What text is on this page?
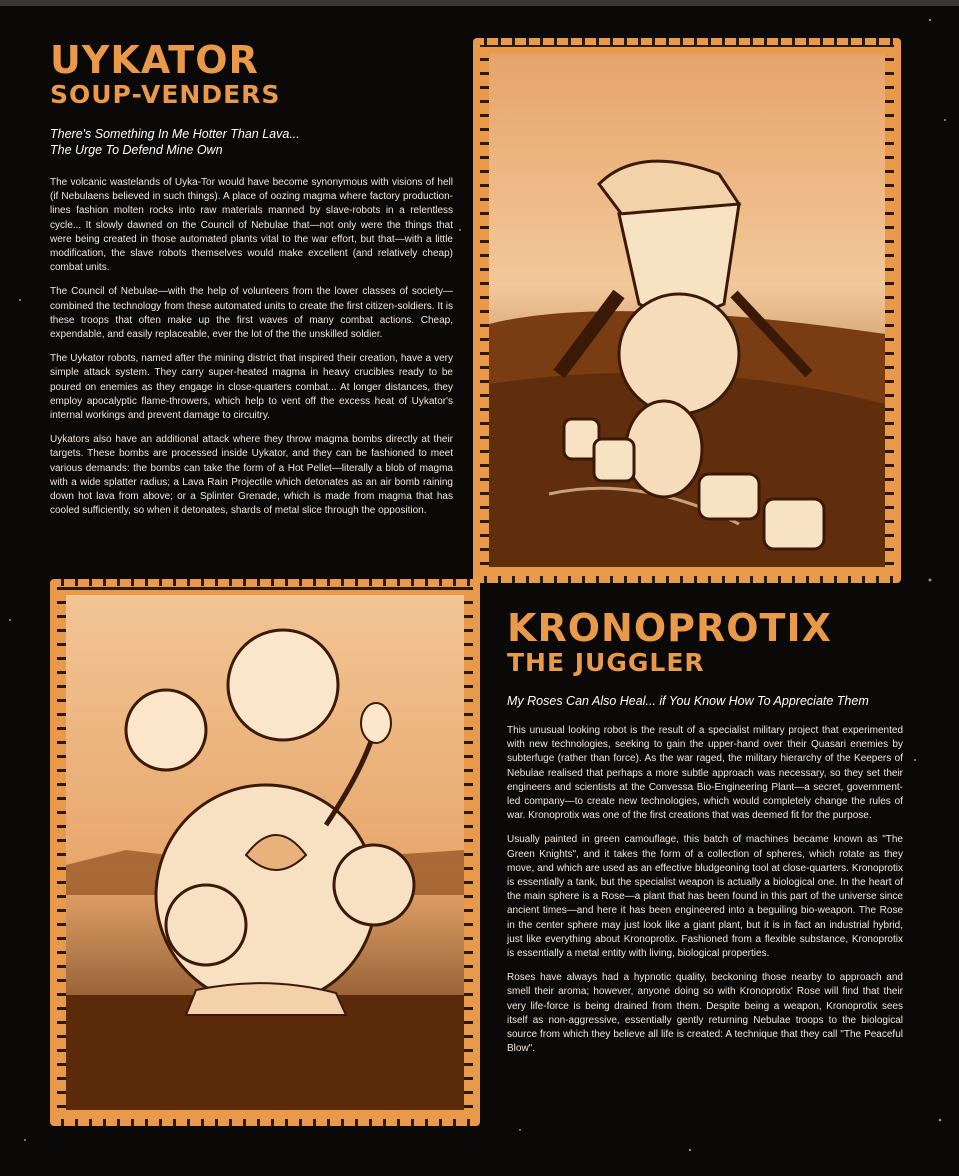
UYKATOR
SOUP-VENDERS
There's Something In Me Hotter Than Lava...
The Urge To Defend Mine Own

The volcanic wastelands of Uyka-Tor would have become synonymous with visions of hell (if Nebulaens believed in such things). A place of oozing magma where factory production-lines fashion molten rocks into raw materials manned by slave-robots in a relentless cycle... It slowly dawned on the Council of Nebulae that—not only were the things that were being created in those automated plants vital to the war effort, but that—with a little modification, the slave robots themselves would make excellent (and relatively cheap) combat units.

The Council of Nebulae—with the help of volunteers from the lower classes of society—combined the technology from these automated units to create the first citizen-soldiers. It is these troops that often make up the first waves of many combat actions. Cheap, expendable, and easily replaceable, ever the lot of the the unskilled soldier.

The Uykator robots, named after the mining district that inspired their creation, have a very simple attack system. They carry super-heated magma in heavy crucibles ready to be poured on enemies as they engage in close-quarters combat... At longer distances, they employ apocalyptic flame-throwers, which help to vent off the excess heat of Uykator's internal workings and prevent damage to circuitry.

Uykators also have an additional attack where they throw magma bombs directly at their targets. These bombs are processed inside Uykator, and they can be fashioned to meet various demands: the bombs can take the form of a Hot Pellet—literally a blob of magma with a wide splatter radius; a Lava Rain Projectile which detonates as an air bomb raining down hot lava from above; or a Splinter Grenade, which is made from magma that has cooled sufficiently, so when it detonates, shards of metal slice through the opposition.

KRONOPROTIX
THE JUGGLER
My Roses Can Also Heal... if You Know How To Appreciate Them

This unusual looking robot is the result of a specialist military project that experimented with new technologies, seeking to gain the upper-hand over their Quasari enemies by subterfuge (rather than force). As the war raged, the military hierarchy of the Keepers of Nebulae realised that perhaps a more subtle approach was necessary, so they set their engineers and scientists at the Convessa Bio-Engineering Plant—a secret, government-led company—to create new technologies, which would completely change the rules of war. Kronoprotix was one of the first creations that was deemed fit for the purpose.

Usually painted in green camouflage, this batch of machines became known as "The Green Knights", and it takes the form of a collection of spheres, which rotate as they move, and which are used as an effective bludgeoning tool at close-quarters. Kronoprotix is essentially a tank, but the specialist weapon is actually a biological one. In the heart of the main sphere is a Rose—a plant that has been found in this part of the universe since ancient times—and here it has been engineered into a beguiling bio-weapon. The Rose in the center sphere may just look like a giant plant, but it is in fact an industrial hybrid, just like everything about Kronoprotix. Fashioned from a flexible substance, Kronoprotix is essentially a metal entity with living, biological properties.

Roses have always had a hypnotic quality, beckoning those nearby to approach and smell their aroma; however, anyone doing so with Kronoprotix' Rose will find that their very life-force is being drained from them. Despite being a weapon, Kronoprotix sees itself as non-aggressive, essentially gently returning Nebulae troops to the biological source from which they believe all life is created: A technique that they call "The Peaceful Blow".
